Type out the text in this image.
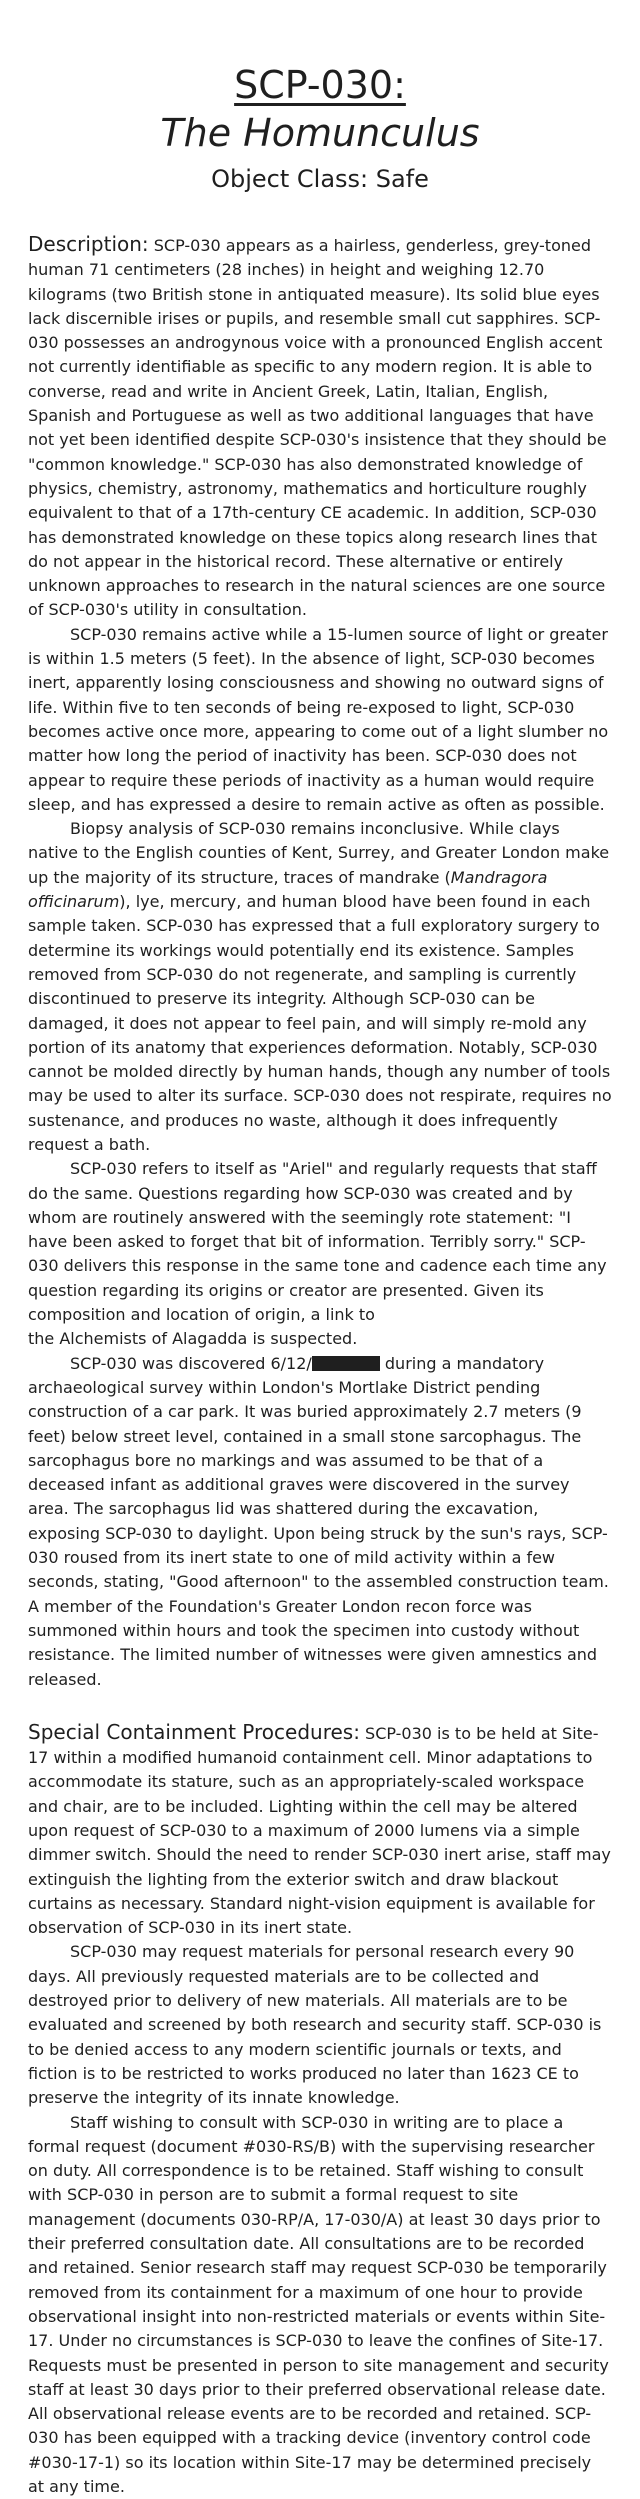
SCP-030:
The Homunculus
Object Class: Safe

Description: SCP-030 appears as a hairless, genderless, grey-toned human 71 centimeters (28 inches) in height and weighing 12.70 kilograms (two British stone in antiquated measure). Its solid blue eyes lack discernible irises or pupils, and resemble small cut sapphires. SCP-030 possesses an androgynous voice with a pronounced English accent not currently identifiable as specific to any modern region. It is able to converse, read and write in Ancient Greek, Latin, Italian, English, Spanish and Portuguese as well as two additional languages that have not yet been identified despite SCP-030's insistence that they should be "common knowledge." SCP-030 has also demonstrated knowledge of physics, chemistry, astronomy, mathematics and horticulture roughly equivalent to that of a 17th-century CE academic. In addition, SCP-030 has demonstrated knowledge on these topics along research lines that do not appear in the historical record. These alternative or entirely unknown approaches to research in the natural sciences are one source of SCP-030's utility in consultation.

SCP-030 remains active while a 15-lumen source of light or greater is within 1.5 meters (5 feet). In the absence of light, SCP-030 becomes inert, apparently losing consciousness and showing no outward signs of life. Within five to ten seconds of being re-exposed to light, SCP-030 becomes active once more, appearing to come out of a light slumber no matter how long the period of inactivity has been. SCP-030 does not appear to require these periods of inactivity as a human would require sleep, and has expressed a desire to remain active as often as possible.

Biopsy analysis of SCP-030 remains inconclusive. While clays native to the English counties of Kent, Surrey, and Greater London make up the majority of its structure, traces of mandrake (Mandragora officinarum), lye, mercury, and human blood have been found in each sample taken. SCP-030 has expressed that a full exploratory surgery to determine its workings would potentially end its existence. Samples removed from SCP-030 do not regenerate, and sampling is currently discontinued to preserve its integrity. Although SCP-030 can be damaged, it does not appear to feel pain, and will simply re-mold any portion of its anatomy that experiences deformation. Notably, SCP-030 cannot be molded directly by human hands, though any number of tools may be used to alter its surface. SCP-030 does not respirate, requires no sustenance, and produces no waste, although it does infrequently request a bath.

SCP-030 refers to itself as "Ariel" and regularly requests that staff do the same. Questions regarding how SCP-030 was created and by whom are routinely answered with the seemingly rote statement: "I have been asked to forget that bit of information. Terribly sorry." SCP-030 delivers this response in the same tone and cadence each time any question regarding its origins or creator are presented. Given its composition and location of origin, a link to
the Alchemists of Alagadda is suspected.

SCP-030 was discovered 6/12/	during a mandatory archaeological survey within London's Mortlake District pending construction of a car park. It was buried approximately 2.7 meters (9 feet) below street level, contained in a small stone sarcophagus. The sarcophagus bore no markings and was assumed to be that of a deceased infant as additional graves were discovered in the survey area. The sarcophagus lid was shattered during the excavation, exposing SCP-030 to daylight. Upon being struck by the sun's rays, SCP-030 roused from its inert state to one of mild activity within a few seconds, stating, "Good afternoon" to the assembled construction team. A member of the Foundation's Greater London recon force was summoned within hours and took the specimen into custody without resistance. The limited number of witnesses were given amnestics and released.

Special Containment Procedures: SCP-030 is to be held at Site-17 within a modified humanoid containment cell. Minor adaptations to accommodate its stature, such as an appropriately-scaled workspace and chair, are to be included. Lighting within the cell may be altered upon request of SCP-030 to a maximum of 2000 lumens via a simple dimmer switch. Should the need to render SCP-030 inert arise, staff may extinguish the lighting from the exterior switch and draw blackout curtains as necessary. Standard night-vision equipment is available for observation of SCP-030 in its inert state.

SCP-030 may request materials for personal research every 90 days. All previously requested materials are to be collected and destroyed prior to delivery of new materials. All materials are to be evaluated and screened by both research and security staff. SCP-030 is to be denied access to any modern scientific journals or texts, and fiction is to be restricted to works produced no later than 1623 CE to preserve the integrity of its innate knowledge.

Staff wishing to consult with SCP-030 in writing are to place a formal request (document #030-RS/B) with the supervising researcher on duty. All correspondence is to be retained. Staff wishing to consult with SCP-030 in person are to submit a formal request to site management (documents 030-RP/A, 17-030/A) at least 30 days prior to their preferred consultation date. All consultations are to be recorded and retained. Senior research staff may request SCP-030 be temporarily removed from its containment for a maximum of one hour to provide observational insight into non-restricted materials or events within Site-17. Under no circumstances is SCP-030 to leave the confines of Site-17. Requests must be presented in person to site management and security staff at least 30 days prior to their preferred observational release date. All observational release events are to be recorded and retained. SCP-030 has been equipped with a tracking device (inventory control code #030-17-1) so its location within Site-17 may be determined precisely at any time.
